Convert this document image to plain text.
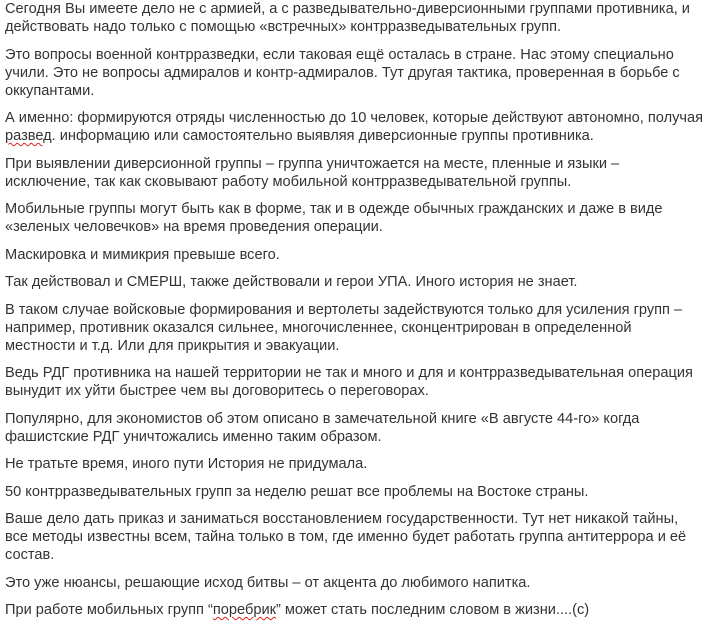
Сегодня Вы имеете дело не с армией, а с разведывательно-диверсионными группами противника, и действовать надо только с помощью «встречных» контрразведывательных групп.

Это вопросы военной контрразведки, если таковая ещё осталась в стране. Нас этому специально учили. Это не вопросы адмиралов и контр-адмиралов. Тут другая тактика, проверенная в борьбе с оккупантами.

А именно: формируются отряды численностью до 10 человек, которые действуют автономно, получая развед. информацию или самостоятельно выявляя диверсионные группы противника.

При выявлении диверсионной группы – группа уничтожается на месте, пленные и языки – исключение, так как сковывают работу мобильной контрразведывательной группы.

Мобильные группы могут быть как в форме, так и в одежде обычных гражданских и даже в виде «зеленых человечков» на время проведения операции.

Маскировка и мимикрия превыше всего.

Так действовал и СМЕРШ, также действовали и герои УПА. Иного история не знает.

В таком случае войсковые формирования и вертолеты задействуются только для усиления групп – например, противник оказался сильнее, многочисленнее, сконцентрирован в определенной местности и т.д. Или для прикрытия и эвакуации.

Ведь РДГ противника на нашей территории не так и много и для и контрразведывательная операция вынудит их уйти быстрее чем вы договоритесь о переговорах.

Популярно, для экономистов об этом описано в замечательной книге «В августе 44-го» когда фашистские РДГ уничтожались именно таким образом.

Не тратьте время, иного пути История не придумала.

50 контрразведывательных групп за неделю решат все проблемы на Востоке страны.

Ваше дело дать приказ и заниматься восстановлением государственности. Тут нет никакой тайны, все методы известны всем, тайна только в том, где именно будет работать группа антитеррора и её состав.

Это уже нюансы, решающие исход битвы – от акцента до любимого напитка.

При работе мобильных групп “поребрик” может стать последним словом в жизни....(с)
